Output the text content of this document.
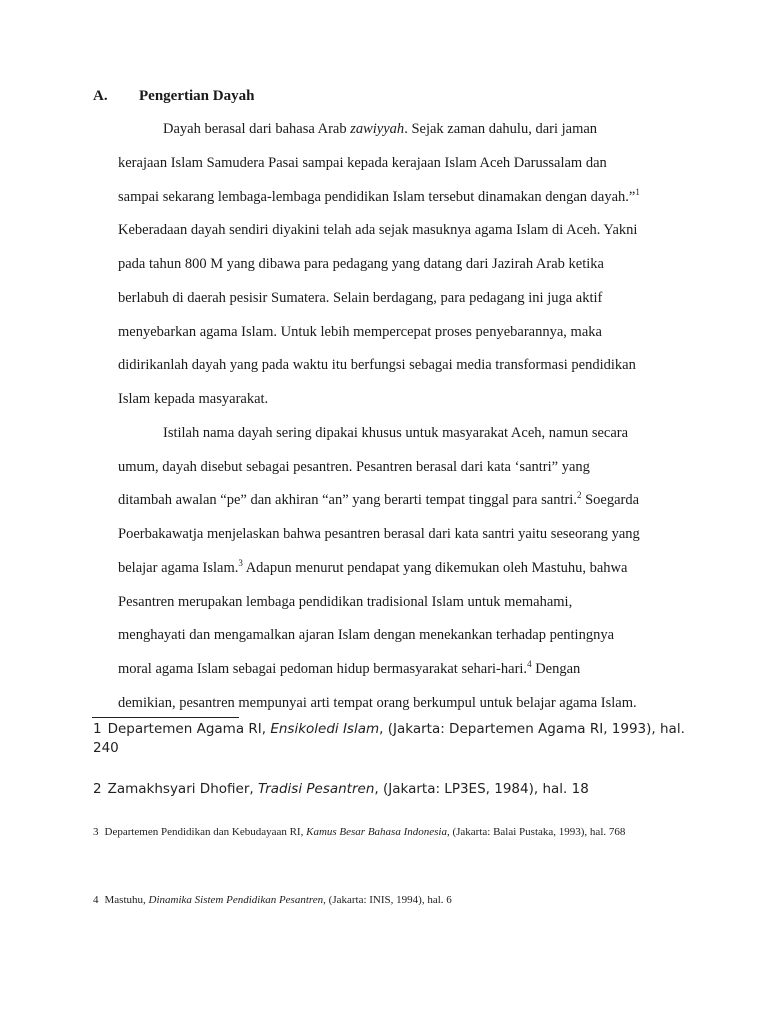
A. Pengertian Dayah
Dayah berasal dari bahasa Arab zawiyyah. Sejak zaman dahulu, dari jaman
kerajaan Islam Samudera Pasai sampai kepada kerajaan Islam Aceh Darussalam dan
sampai sekarang lembaga-lembaga pendidikan Islam tersebut dinamakan dengan dayah.”$^1$
Keberadaan dayah sendiri diyakini telah ada sejak masuknya agama Islam di Aceh. Yakni
pada tahun 800 M yang dibawa para pedagang yang datang dari Jazirah Arab ketika
berlabuh di daerah pesisir Sumatera. Selain berdagang, para pedagang ini juga aktif
menyebarkan agama Islam. Untuk lebih mempercepat proses penyebarannya, maka
didirikanlah dayah yang pada waktu itu berfungsi sebagai media transformasi pendidikan
Islam kepada masyarakat.
Istilah nama dayah sering dipakai khusus untuk masyarakat Aceh, namun secara
umum, dayah disebut sebagai pesantren. Pesantren berasal dari kata ‘santri” yang
ditambah awalan “pe” dan akhiran “an” yang berarti tempat tinggal para santri.$^2$ Soegarda
Poerbakawatja menjelaskan bahwa pesantren berasal dari kata santri yaitu seseorang yang
belajar agama Islam.$^3$ Adapun menurut pendapat yang dikemukan oleh Mastuhu, bahwa
Pesantren merupakan lembaga pendidikan tradisional Islam untuk memahami,
menghayati dan mengamalkan ajaran Islam dengan menekankan terhadap pentingnya
moral agama Islam sebagai pedoman hidup bermasyarakat sehari-hari.$^4$ Dengan
demikian, pesantren mempunyai arti tempat orang berkumpul untuk belajar agama Islam.
1 Departemen Agama RI, Ensikoledi Islam, (Jakarta: Departemen Agama RI, 1993), hal. 240
2 Zamakhsyari Dhofier, Tradisi Pesantren, (Jakarta: LP3ES, 1984), hal. 18
3 Departemen Pendidikan dan Kebudayaan RI, Kamus Besar Bahasa Indonesia, (Jakarta: Balai Pustaka, 1993), hal. 768
4 Mastuhu, Dinamika Sistem Pendidikan Pesantren, (Jakarta: INIS, 1994), hal. 6
